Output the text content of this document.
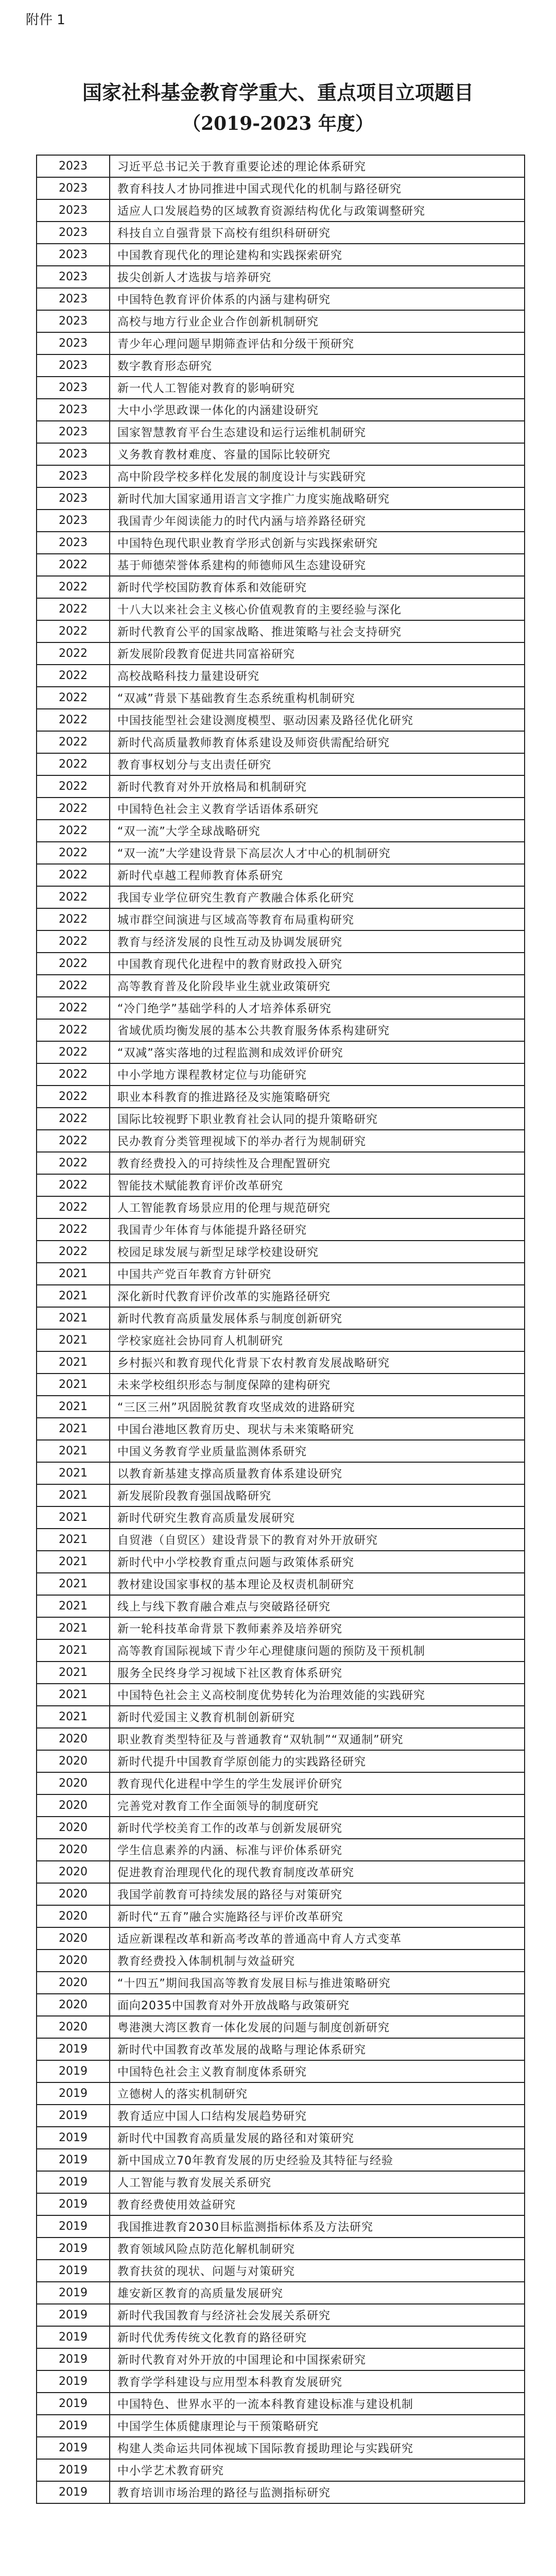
附件 1
国家社科基金教育学重大、重点项目立项题目
（2019-2023 年度）
2023	习近平总书记关于教育重要论述的理论体系研究
2023	教育科技人才协同推进中国式现代化的机制与路径研究
2023	适应人口发展趋势的区域教育资源结构优化与政策调整研究
2023	科技自立自强背景下高校有组织科研研究
2023	中国教育现代化的理论建构和实践探索研究
2023	拔尖创新人才选拔与培养研究
2023	中国特色教育评价体系的内涵与建构研究
2023	高校与地方行业企业合作创新机制研究
2023	青少年心理问题早期筛查评估和分级干预研究
2023	数字教育形态研究
2023	新一代人工智能对教育的影响研究
2023	大中小学思政课一体化的内涵建设研究
2023	国家智慧教育平台生态建设和运行运维机制研究
2023	义务教育教材难度、容量的国际比较研究
2023	高中阶段学校多样化发展的制度设计与实践研究
2023	新时代加大国家通用语言文字推广力度实施战略研究
2023	我国青少年阅读能力的时代内涵与培养路径研究
2023	中国特色现代职业教育学形式创新与实践探索研究
2022	基于师德荣誉体系建构的师德师风生态建设研究
2022	新时代学校国防教育体系和效能研究
2022	十八大以来社会主义核心价值观教育的主要经验与深化
2022	新时代教育公平的国家战略、推进策略与社会支持研究
2022	新发展阶段教育促进共同富裕研究
2022	高校战略科技力量建设研究
2022	“双减”背景下基础教育生态系统重构机制研究
2022	中国技能型社会建设测度模型、驱动因素及路径优化研究
2022	新时代高质量教师教育体系建设及师资供需配给研究
2022	教育事权划分与支出责任研究
2022	新时代教育对外开放格局和机制研究
2022	中国特色社会主义教育学话语体系研究
2022	“双一流”大学全球战略研究
2022	“双一流”大学建设背景下高层次人才中心的机制研究
2022	新时代卓越工程师教育体系研究
2022	我国专业学位研究生教育产教融合体系化研究
2022	城市群空间演进与区域高等教育布局重构研究
2022	教育与经济发展的良性互动及协调发展研究
2022	中国教育现代化进程中的教育财政投入研究
2022	高等教育普及化阶段毕业生就业政策研究
2022	“冷门绝学”基础学科的人才培养体系研究
2022	省域优质均衡发展的基本公共教育服务体系构建研究
2022	“双减”落实落地的过程监测和成效评价研究
2022	中小学地方课程教材定位与功能研究
2022	职业本科教育的推进路径及实施策略研究
2022	国际比较视野下职业教育社会认同的提升策略研究
2022	民办教育分类管理视域下的举办者行为规制研究
2022	教育经费投入的可持续性及合理配置研究
2022	智能技术赋能教育评价改革研究
2022	人工智能教育场景应用的伦理与规范研究
2022	我国青少年体育与体能提升路径研究
2022	校园足球发展与新型足球学校建设研究
2021	中国共产党百年教育方针研究
2021	深化新时代教育评价改革的实施路径研究
2021	新时代教育高质量发展体系与制度创新研究
2021	学校家庭社会协同育人机制研究
2021	乡村振兴和教育现代化背景下农村教育发展战略研究
2021	未来学校组织形态与制度保障的建构研究
2021	“三区三州”巩固脱贫教育攻坚成效的进路研究
2021	中国台港地区教育历史、现状与未来策略研究
2021	中国义务教育学业质量监测体系研究
2021	以教育新基建支撑高质量教育体系建设研究
2021	新发展阶段教育强国战略研究
2021	新时代研究生教育高质量发展研究
2021	自贸港（自贸区）建设背景下的教育对外开放研究
2021	新时代中小学校教育重点问题与政策体系研究
2021	教材建设国家事权的基本理论及权责机制研究
2021	线上与线下教育融合难点与突破路径研究
2021	新一轮科技革命背景下教师素养及培养研究
2021	高等教育国际视域下青少年心理健康问题的预防及干预机制
2021	服务全民终身学习视域下社区教育体系研究
2021	中国特色社会主义高校制度优势转化为治理效能的实践研究
2021	新时代爱国主义教育机制创新研究
2020	职业教育类型特征及与普通教育“双轨制”“双通制”研究
2020	新时代提升中国教育学原创能力的实践路径研究
2020	教育现代化进程中学生的学生发展评价研究
2020	完善党对教育工作全面领导的制度研究
2020	新时代学校美育工作的改革与创新发展研究
2020	学生信息素养的内涵、标准与评价体系研究
2020	促进教育治理现代化的现代教育制度改革研究
2020	我国学前教育可持续发展的路径与对策研究
2020	新时代“五育”融合实施路径与评价改革研究
2020	适应新课程改革和新高考改革的普通高中育人方式变革
2020	教育经费投入体制机制与效益研究
2020	“十四五”期间我国高等教育发展目标与推进策略研究
2020	面向2035中国教育对外开放战略与政策研究
2020	粤港澳大湾区教育一体化发展的问题与制度创新研究
2019	新时代中国教育改革发展的战略与理论体系研究
2019	中国特色社会主义教育制度体系研究
2019	立德树人的落实机制研究
2019	教育适应中国人口结构发展趋势研究
2019	新时代中国教育高质量发展的路径和对策研究
2019	新中国成立70年教育发展的历史经验及其特征与经验
2019	人工智能与教育发展关系研究
2019	教育经费使用效益研究
2019	我国推进教育2030目标监测指标体系及方法研究
2019	教育领域风险点防范化解机制研究
2019	教育扶贫的现状、问题与对策研究
2019	雄安新区教育的高质量发展研究
2019	新时代我国教育与经济社会发展关系研究
2019	新时代优秀传统文化教育的路径研究
2019	新时代教育对外开放的中国理论和中国探索研究
2019	教育学学科建设与应用型本科教育发展研究
2019	中国特色、世界水平的一流本科教育建设标准与建设机制
2019	中国学生体质健康理论与干预策略研究
2019	构建人类命运共同体视域下国际教育援助理论与实践研究
2019	中小学艺术教育研究
2019	教育培训市场治理的路径与监测指标研究
